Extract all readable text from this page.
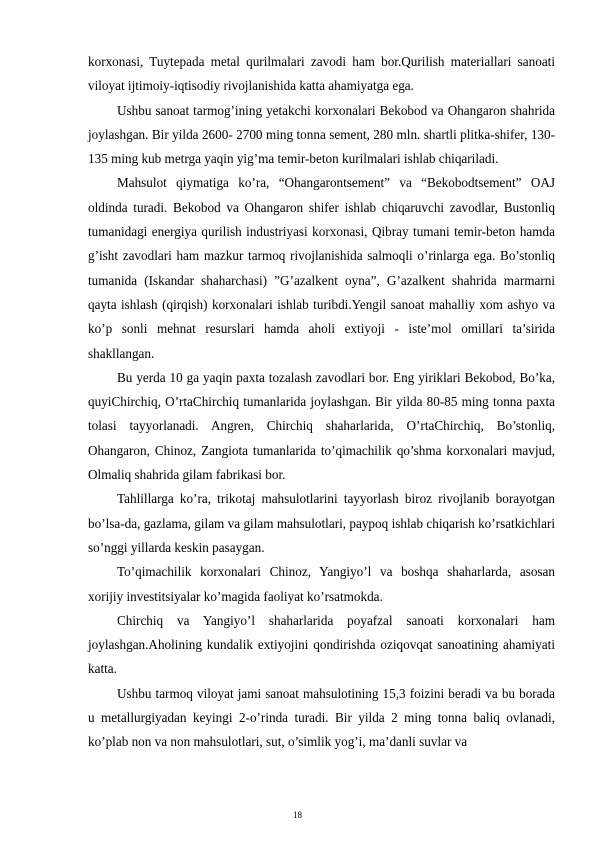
korxonasi, Tuytepada metal qurilmalari zavodi ham bor.Qurilish materiallari sanoati viloyat ijtimoiy-iqtisodiy rivojlanishida katta ahamiyatga ega.

Ushbu sanoat tarmog’ining yetakchi korxonalari Bekobod va Ohangaron shahrida joylashgan. Bir yilda 2600- 2700 ming tonna sement, 280 mln. shartli plitka-shifer, 130-135 ming kub metrga yaqin yig’ma temir-beton kurilmalari ishlab chiqariladi.

Mahsulot qiymatiga ko’ra, “Ohangarontsement” va “Bekobodtsement” OAJ oldinda turadi. Bekobod va Ohangaron shifer ishlab chiqaruvchi zavodlar, Bustonliq tumanidagi energiya qurilish industriyasi korxonasi, Qibray tumani temir-beton hamda g’isht zavodlari ham mazkur tarmoq rivojlanishida salmoqli o’rinlarga ega. Bo’stonliq tumanida (Iskandar shaharchasi) ”G’azalkent oyna”, G’azalkent shahrida marmarni qayta ishlash (qirqish) korxonalari ishlab turibdi.Yengil sanoat mahalliy xom ashyo va ko’p sonli mehnat resurslari hamda aholi extiyoji - iste’mol omillari ta’sirida shakllangan.

Bu yerda 10 ga yaqin paxta tozalash zavodlari bor. Eng yiriklari Bekobod, Bo’ka, quyiChirchiq, O’rtaChirchiq tumanlarida joylashgan. Bir yilda 80-85 ming tonna paxta tolasi tayyorlanadi. Angren, Chirchiq shaharlarida, O’rtaChirchiq, Bo’stonliq, Ohangaron, Chinoz, Zangiota tumanlarida to’qimachilik qo’shma korxonalari mavjud, Olmaliq shahrida gilam fabrikasi bor.

Tahlillarga ko’ra, trikotaj mahsulotlarini tayyorlash biroz rivojlanib borayotgan bo’lsa-da, gazlama, gilam va gilam mahsulotlari, paypoq ishlab chiqarish ko’rsatkichlari so’nggi yillarda keskin pasaygan.

To’qimachilik korxonalari Chinoz, Yangiyo’l va boshqa shaharlarda, asosan xorijiy investitsiyalar ko’magida faoliyat ko’rsatmokda.

Chirchiq va Yangiyo’l shaharlarida poyafzal sanoati korxonalari ham joylashgan.Aholining kundalik extiyojini qondirishda oziqovqat sanoatining ahamiyati katta.

Ushbu tarmoq viloyat jami sanoat mahsulotining 15,3 foizini beradi va bu borada u metallurgiyadan keyingi 2-o’rinda turadi. Bir yilda 2 ming tonna baliq ovlanadi, ko’plab non va non mahsulotlari, sut, o’simlik yog’i, ma’danli suvlar va

18
